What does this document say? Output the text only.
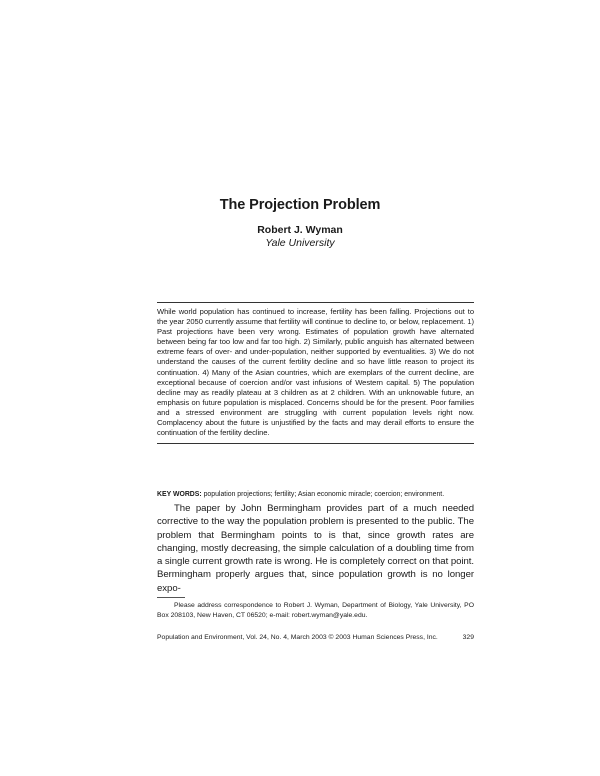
The Projection Problem
Robert J. Wyman
Yale University

While world population has continued to increase, fertility has been falling. Projections out to the year 2050 currently assume that fertility will continue to decline to, or below, replacement. 1) Past projections have been very wrong. Estimates of population growth have alternated between being far too low and far too high. 2) Similarly, public anguish has alternated between extreme fears of over- and under-population, neither supported by eventualities. 3) We do not understand the causes of the current fertility decline and so have little reason to project its continuation. 4) Many of the Asian countries, which are exemplars of the current decline, are exceptional because of coercion and/or vast infusions of Western capital. 5) The population decline may as readily plateau at 3 children as at 2 children. With an unknowable future, an emphasis on future population is misplaced. Concerns should be for the present. Poor families and a stressed environment are struggling with current population levels right now. Complacency about the future is unjustified by the facts and may derail efforts to ensure the continuation of the fertility decline.

KEY WORDS: population projections; fertility; Asian economic miracle; coercion; environment.

The paper by John Bermingham provides part of a much needed corrective to the way the population problem is presented to the public. The problem that Bermingham points to is that, since growth rates are changing, mostly decreasing, the simple calculation of a doubling time from a single current growth rate is wrong. He is completely correct on that point. Bermingham properly argues that, since population growth is no longer expo-

Please address correspondence to Robert J. Wyman, Department of Biology, Yale University, PO Box 208103, New Haven, CT 06520; e-mail: robert.wyman@yale.edu.

Population and Environment, Vol. 24, No. 4, March 2003 © 2003 Human Sciences Press, Inc.	329
